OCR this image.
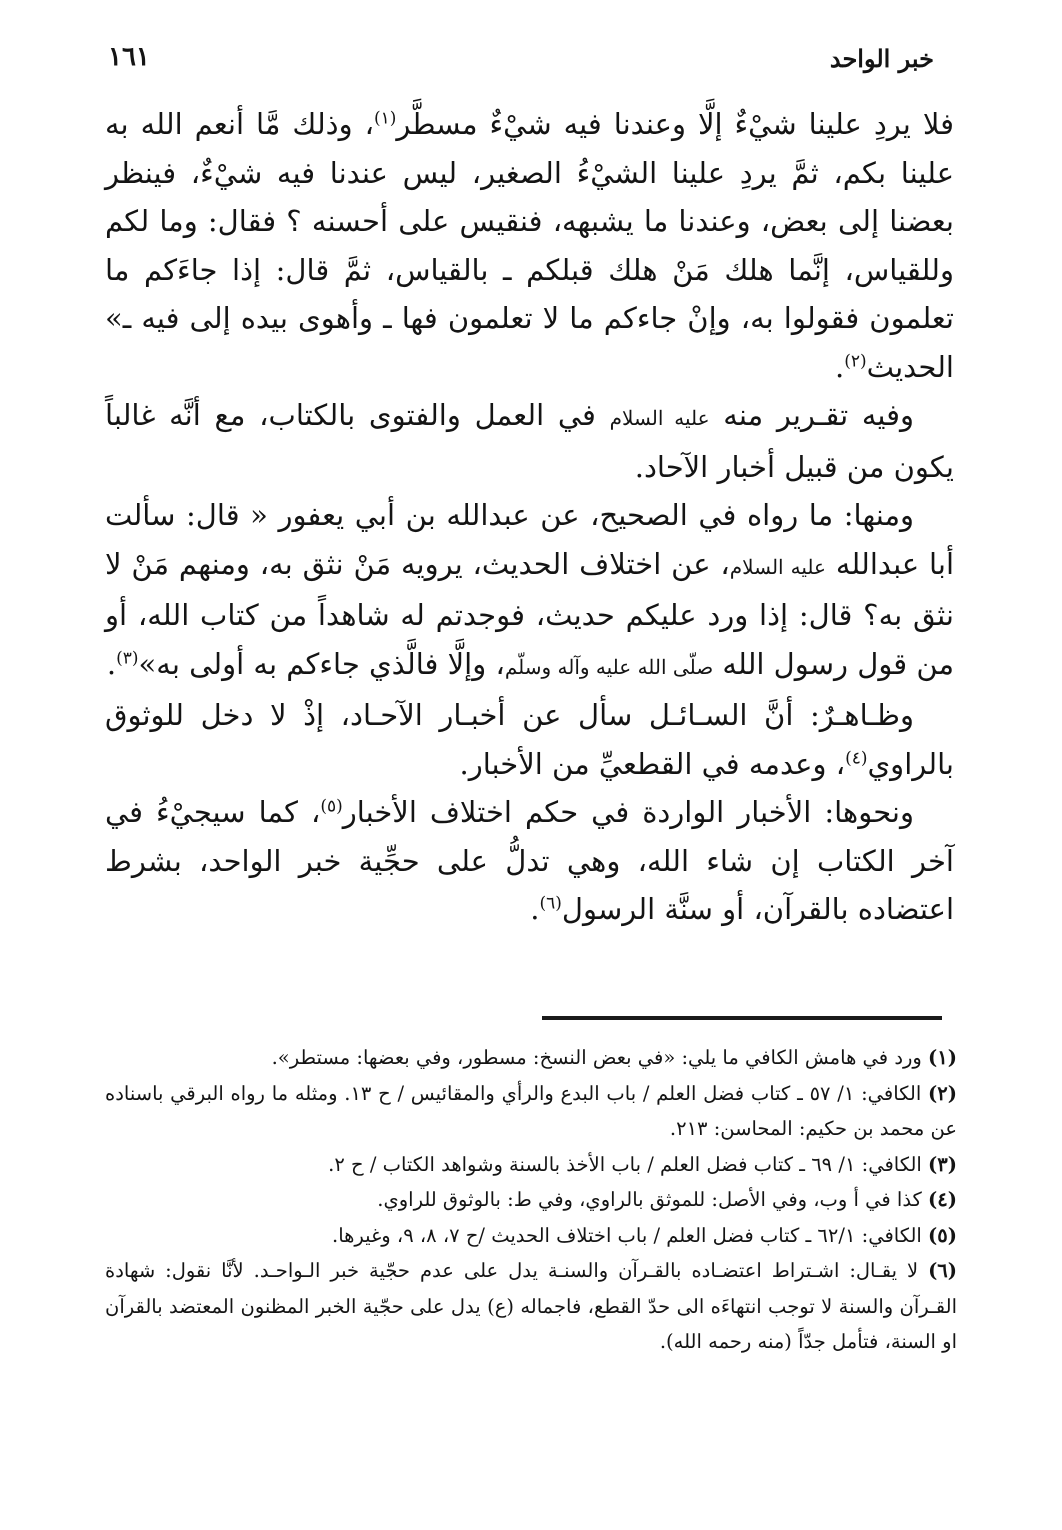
خبر الواحد
١٦١

فلا يردِ علينا شيْءٌ إلَّا وعندنا فيه شيْءٌ مسطَّر$^{(١)}$، وذلك مَّا أنعم الله به علينا بكم، ثمَّ يردِ علينا الشيْءُ الصغير، ليس عندنا فيه شيْءٌ، فينظر بعضنا إلى بعض، وعندنا ما يشبهه، فنقيس على أحسنه ؟ فقال: وما لكم وللقياس، إنَّما هلك مَنْ هلك قبلكم ـ بالقياس، ثمَّ قال: إذا جاءَكم ما تعلمون فقولوا به، وإنْ جاءكم ما لا تعلمون فها ـ وأهوى بيده إلى فيه ـ» الحديث$^{(٢)}$.

وفيه تقـرير منه عليه السلام في العمل والفتوى بالكتاب، مع أنَّه غالباً يكون من قبيل أخبار الآحاد.

ومنها: ما رواه في الصحيح، عن عبدالله بن أبي يعفور « قال: سألت أبا عبدالله عليه السلام، عن اختلاف الحديث، يرويه مَنْ نثق به، ومنهم مَنْ لا نثق به؟ قال: إذا ورد عليكم حديث، فوجدتم له شاهداً من كتاب الله، أو من قول رسول الله صلّى الله عليه وآله وسلّم، وإلَّا فالَّذي جاءكم به أولى به»$^{(٣)}$.

وظـاهـرٌ: أنَّ السـائـل سأل عن أخبـار الآحـاد، إذْ لا دخل للوثوق بالراوي$^{(٤)}$، وعدمه في القطعيِّ من الأخبار.

ونحوها: الأخبار الواردة في حكم اختلاف الأخبار$^{(٥)}$، كما سيجيْءُ في آخر الكتاب إن شاء الله، وهي تدلُّ على حجِّية خبر الواحد، بشرط اعتضاده بالقرآن، أو سنَّة الرسول$^{(٦)}$.

(١) ورد في هامش الكافي ما يلي: «في بعض النسخ: مسطور، وفي بعضها: مستطر».

(٢) الكافي: ١/ ٥٧ ـ كتاب فضل العلم / باب البدع والرأي والمقائيس / ح ١٣. ومثله ما رواه البرقي باسناده عن محمد بن حكيم: المحاسن: ٢١٣.

(٣) الكافي: ١/ ٦٩ ـ كتاب فضل العلم / باب الأخذ بالسنة وشواهد الكتاب / ح ٢.

(٤) كذا في أ وب، وفي الأصل: للموثق بالراوي، وفي ط: بالوثوق للراوي.

(٥) الكافي: ٦٢/١ ـ كتاب فضل العلم / باب اختلاف الحديث /ح ٧، ٨، ٩، وغيرها.

(٦) لا يقـال: اشـتراط اعتضـاده بالقـرآن والسنـة يدل على عدم حجّية خبر الـواحـد. لأنَّا نقول: شهادة القـرآن والسنة لا توجب انتهاءَه الى حدّ القطع، فاجماله (ع) يدل على حجّية الخبر المظنون المعتضد بالقرآن او السنة، فتأمل جدّاً (منه رحمه الله).
